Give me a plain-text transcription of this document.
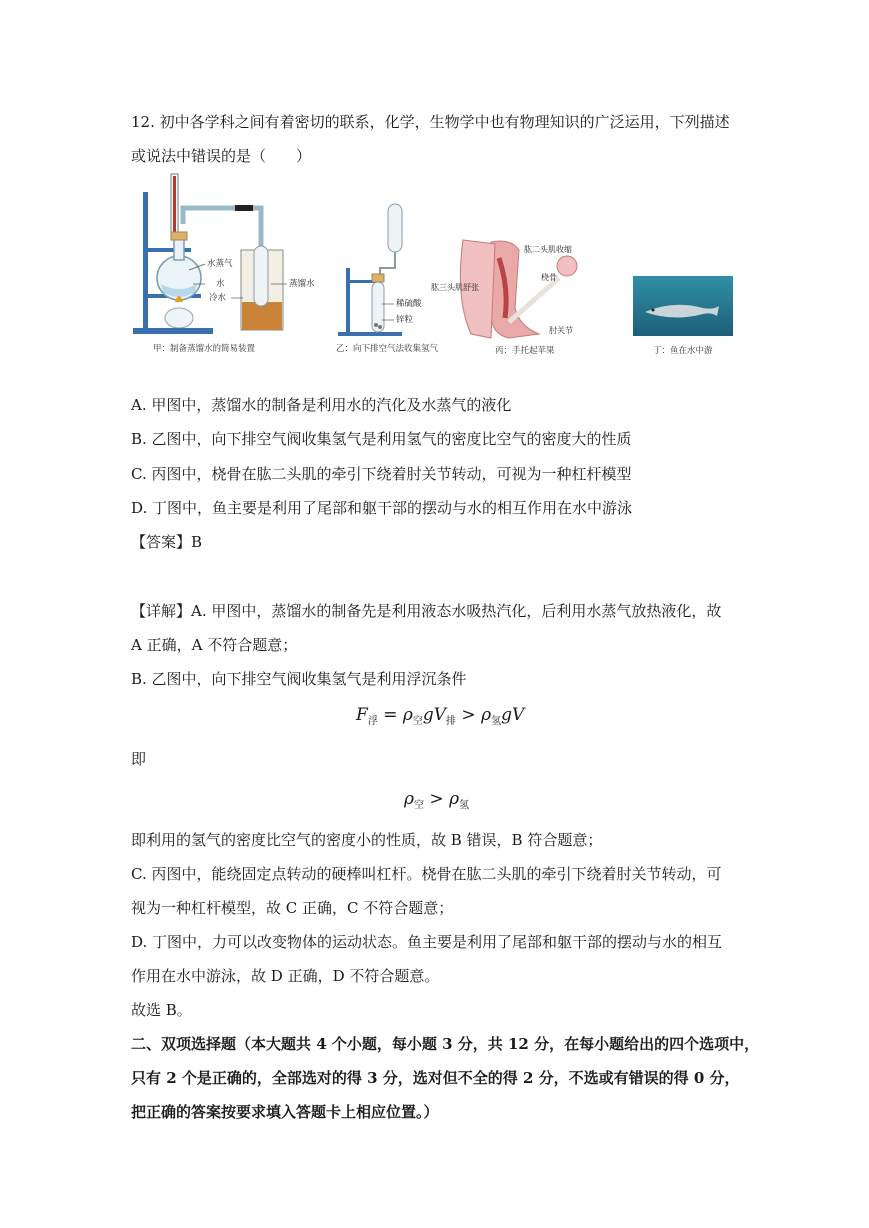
12. 初中各学科之间有着密切的联系，化学，生物学中也有物理知识的广泛运用，下列描述
或说法中错误的是（　　）
水蒸气
水
冷水
蒸馏水
甲：制备蒸馏水的简易装置
稀硫酸
锌粒
乙：向下排空气法收集氢气
肱二头肌收缩
桡骨
肱三头肌舒张
肘关节
丙：手托起苹果	丁：鱼在水中游
A. 甲图中，蒸馏水的制备是利用水的汽化及水蒸气的液化
B. 乙图中，向下排空气阀收集氢气是利用氢气的密度比空气的密度大的性质
C. 丙图中，桡骨在肱二头肌的牵引下绕着肘关节转动，可视为一种杠杆模型
D. 丁图中，鱼主要是利用了尾部和躯干部的摆动与水的相互作用在水中游泳
【答案】B
【详解】A. 甲图中，蒸馏水的制备先是利用液态水吸热汽化，后利用水蒸气放热液化，故
A 正确，A 不符合题意；
B. 乙图中，向下排空气阀收集氢气是利用浮沉条件
$F_浮 = \rho_空gV_排 > \rho_氢gV$
即
$\rho_空 > \rho_氢$
即利用的氢气的密度比空气的密度小的性质，故 B 错误，B 符合题意；
C. 丙图中，能绕固定点转动的硬棒叫杠杆。桡骨在肱二头肌的牵引下绕着肘关节转动，可
视为一种杠杆模型，故 C 正确，C 不符合题意；
D. 丁图中，力可以改变物体的运动状态。鱼主要是利用了尾部和躯干部的摆动与水的相互
作用在水中游泳，故 D 正确，D 不符合题意。
故选 B。
二、双项选择题（本大题共 4 个小题，每小题 3 分，共 12 分，在每小题给出的四个选项中，
只有 2 个是正确的，全部选对的得 3 分，选对但不全的得 2 分，不选或有错误的得 0 分，
把正确的答案按要求填入答题卡上相应位置。）
